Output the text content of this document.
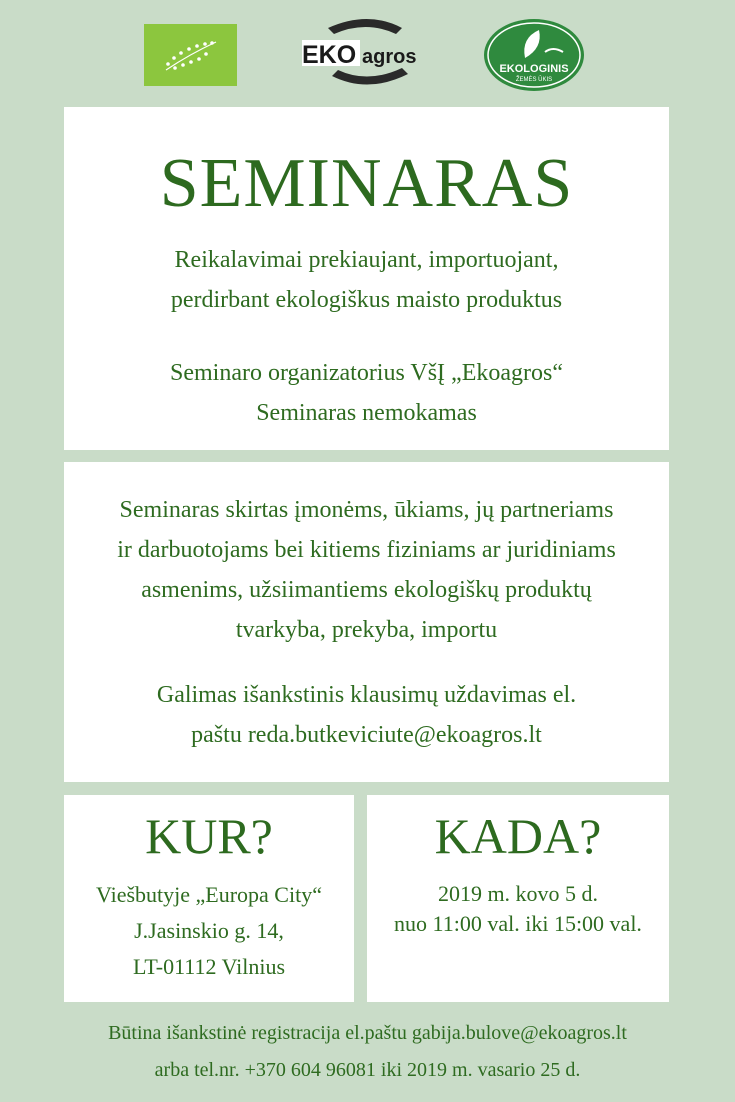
EKO agros
EKOLOGINIS
ŽEMĖS ŪKIS
SEMINARAS
Reikalavimai prekiaujant, importuojant,
perdirbant ekologiškus maisto produktus
Seminaro organizatorius VšĮ „Ekoagros“
Seminaras nemokamas
Seminaras skirtas įmonėms, ūkiams, jų partneriams
ir darbuotojams bei kitiems fiziniams ar juridiniams
asmenims, užsiimantiems ekologiškų produktų
tvarkyba, prekyba, importu
Galimas išankstinis klausimų uždavimas el.
paštu reda.butkeviciute@ekoagros.lt
KUR?
Viešbutyje „Europa City“
J.Jasinskio g. 14,
LT-01112 Vilnius
KADA?
2019 m. kovo 5 d.
nuo 11:00 val. iki 15:00 val.
Būtina išankstinė registracija el.paštu gabija.bulove@ekoagros.lt
arba tel.nr. +370 604 96081 iki 2019 m. vasario 25 d.
